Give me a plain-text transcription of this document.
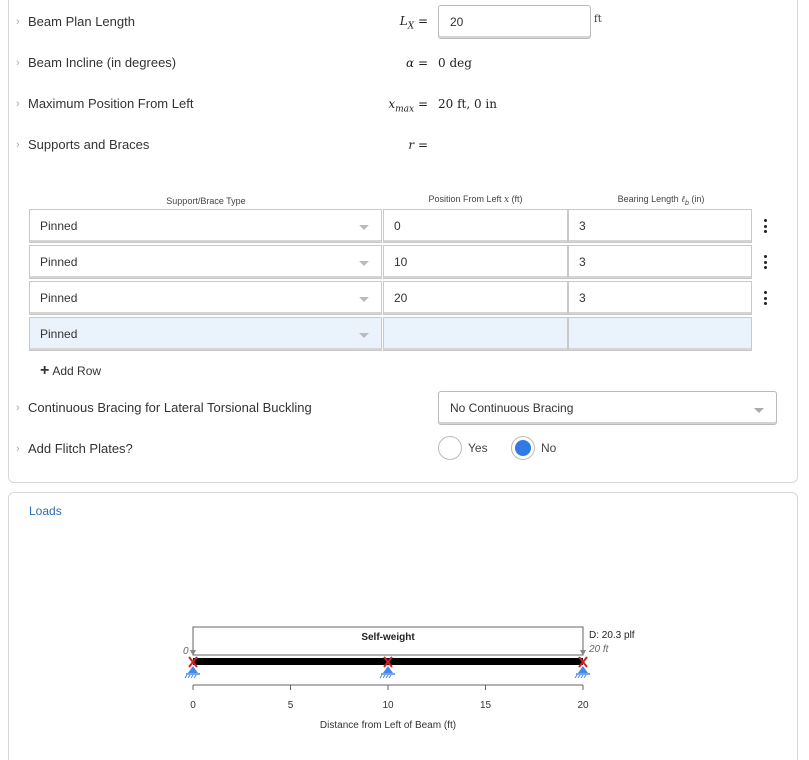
› Beam Plan Length	$L_X = 20$	ft
› Beam Incline (in degrees)	α = 0 deg
› Maximum Position From Left	$x_{max} = 20$ ft, 0 in
› Supports and Braces	r =
Support/Brace Type	Position From Left x (ft)	Bearing Length ℓ$_b$ (in)
Pinned	0	3
Pinned	10	3
Pinned	20	3
Pinned
+ Add Row
› Continuous Bracing for Lateral Torsional Buckling	No Continuous Bracing
› Add Flitch Plates?	Yes	No
Loads
Self-weight	D: 20.3 plf
20 ft
0
0	5	10	15	20
Distance from Left of Beam (ft)
